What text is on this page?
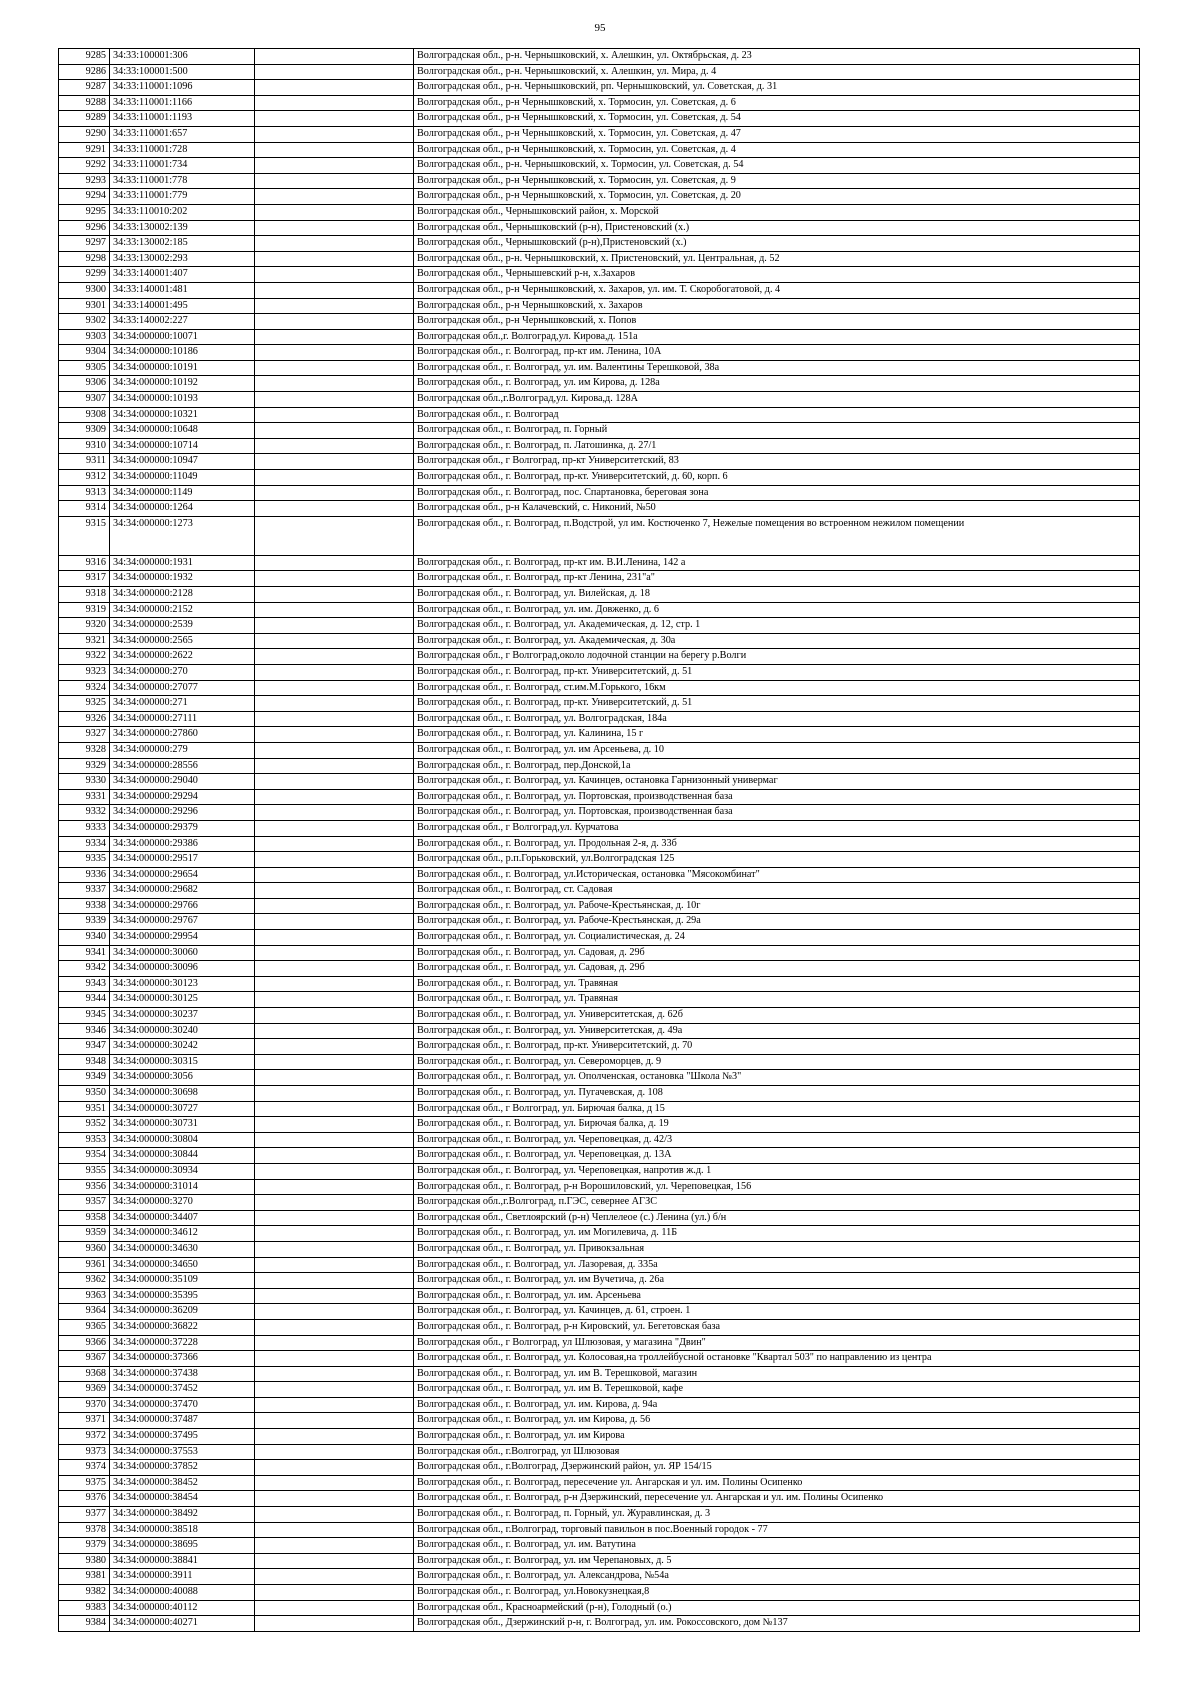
95
9285	34:33:100001:306		Волгоградская обл., р-н. Чернышковский, х. Алешкин, ул. Октябрьская, д. 23
9286	34:33:100001:500		Волгоградская обл., р-н. Чернышковский, х. Алешкин, ул. Мира, д. 4
9287	34:33:110001:1096		Волгоградская обл., р-н. Чернышковский, рп. Чернышковский, ул. Советская, д. 31
9288	34:33:110001:1166		Волгоградская обл., р-н Чернышковский, х. Тормосин, ул. Советская, д. 6
9289	34:33:110001:1193		Волгоградская обл., р-н Чернышковский, х. Тормосин, ул. Советская, д. 54
9290	34:33:110001:657		Волгоградская обл., р-н Чернышковский, х. Тормосин, ул. Советская, д. 47
9291	34:33:110001:728		Волгоградская обл., р-н Чернышковский, х. Тормосин, ул. Советская, д. 4
9292	34:33:110001:734		Волгоградская обл., р-н. Чернышковский, х. Тормосин, ул. Советская, д. 54
9293	34:33:110001:778		Волгоградская обл., р-н Чернышковский, х. Тормосин, ул. Советская, д. 9
9294	34:33:110001:779		Волгоградская обл., р-н Чернышковский, х. Тормосин, ул. Советская, д. 20
9295	34:33:110010:202		Волгоградская обл., Чернышковский район, х. Морской
9296	34:33:130002:139		Волгоградская обл., Чернышковский (р-н), Пристеновский (х.)
9297	34:33:130002:185		Волгоградская обл., Чернышковский (р-н),Пристеновский (х.)
9298	34:33:130002:293		Волгоградская обл., р-н. Чернышковский, х. Пристеновский, ул. Центральная, д. 52
9299	34:33:140001:407		Волгоградская обл., Чернышевский р-н, х.Захаров
9300	34:33:140001:481		Волгоградская обл., р-н Чернышковский, х. Захаров, ул. им. Т. Скоробогатовой, д. 4
9301	34:33:140001:495		Волгоградская обл., р-н Чернышковский, х. Захаров
9302	34:33:140002:227		Волгоградская обл., р-н Чернышковский, х. Попов
9303	34:34:000000:10071		Волгоградская обл.,г. Волгоград,ул. Кирова,д. 151а
9304	34:34:000000:10186		Волгоградская обл., г. Волгоград, пр-кт им. Ленина, 10А
9305	34:34:000000:10191		Волгоградская обл., г. Волгоград, ул. им. Валентины Терешковой, 38а
9306	34:34:000000:10192		Волгоградская обл., г. Волгоград, ул. им Кирова, д. 128а
9307	34:34:000000:10193		Волгоградская обл.,г.Волгоград,ул. Кирова,д. 128А
9308	34:34:000000:10321		Волгоградская обл., г. Волгоград
9309	34:34:000000:10648		Волгоградская обл., г. Волгоград, п. Горный
9310	34:34:000000:10714		Волгоградская обл., г. Волгоград, п. Латошинка, д. 27/1
9311	34:34:000000:10947		Волгоградская обл., г Волгоград, пр-кт Университетский, 83
9312	34:34:000000:11049		Волгоградская обл., г. Волгоград, пр-кт. Университетский, д. 60, корп. 6
9313	34:34:000000:1149		Волгоградская обл., г. Волгоград, пос. Спартановка, береговая зона
9314	34:34:000000:1264		Волгоградская обл., р-н Калачевский, с. Никоний, №50
9315	34:34:000000:1273		Волгоградская обл., г. Волгоград, п.Водстрой, ул им. Костюченко 7, Нежелые помещения во встроенном нежилом помещении
9316	34:34:000000:1931		Волгоградская обл., г. Волгоград, пр-кт им. В.И.Ленина, 142 а
9317	34:34:000000:1932		Волгоградская обл., г. Волгоград, пр-кт Ленина, 231"а"
9318	34:34:000000:2128		Волгоградская обл., г. Волгоград, ул. Вилейская, д. 18
9319	34:34:000000:2152		Волгоградская обл., г. Волгоград, ул. им. Довженко, д. 6
9320	34:34:000000:2539		Волгоградская обл., г. Волгоград, ул. Академическая, д. 12, стр. 1
9321	34:34:000000:2565		Волгоградская обл., г. Волгоград, ул. Академическая, д. 30а
9322	34:34:000000:2622		Волгоградская обл., г Волгоград,около лодочной станции на берегу р.Волги
9323	34:34:000000:270		Волгоградская обл., г. Волгоград, пр-кт. Университетский, д. 51
9324	34:34:000000:27077		Волгоградская обл., г. Волгоград, ст.им.М.Горького, 16км
9325	34:34:000000:271		Волгоградская обл., г. Волгоград, пр-кт. Университетский, д. 51
9326	34:34:000000:27111		Волгоградская обл., г. Волгоград, ул. Волгоградская, 184а
9327	34:34:000000:27860		Волгоградская обл., г. Волгоград, ул. Калинина, 15 г
9328	34:34:000000:279		Волгоградская обл., г. Волгоград, ул. им Арсеньева, д. 10
9329	34:34:000000:28556		Волгоградская обл., г. Волгоград, пер.Донской,1а
9330	34:34:000000:29040		Волгоградская обл., г. Волгоград, ул. Качинцев, остановка Гарнизонный универмаг
9331	34:34:000000:29294		Волгоградская обл., г. Волгоград, ул. Портовская, производственная база
9332	34:34:000000:29296		Волгоградская обл., г. Волгоград, ул. Портовская, производственная база
9333	34:34:000000:29379		Волгоградская обл., г Волгоград,ул. Курчатова
9334	34:34:000000:29386		Волгоградская обл., г. Волгоград, ул. Продольная 2-я, д. 33б
9335	34:34:000000:29517		Волгоградская обл., р.п.Горьковский, ул.Волгоградская 125
9336	34:34:000000:29654		Волгоградская обл., г. Волгоград, ул.Историческая, остановка "Мясокомбинат"
9337	34:34:000000:29682		Волгоградская обл., г. Волгоград, ст. Садовая
9338	34:34:000000:29766		Волгоградская обл., г. Волгоград, ул. Рабоче-Крестьянская, д. 10г
9339	34:34:000000:29767		Волгоградская обл., г. Волгоград, ул. Рабоче-Крестьянская, д. 29а
9340	34:34:000000:29954		Волгоградская обл., г. Волгоград, ул. Социалистическая, д. 24
9341	34:34:000000:30060		Волгоградская обл., г. Волгоград, ул. Садовая, д. 29б
9342	34:34:000000:30096		Волгоградская обл., г. Волгоград, ул. Садовая, д. 29б
9343	34:34:000000:30123		Волгоградская обл., г. Волгоград, ул. Травяная
9344	34:34:000000:30125		Волгоградская обл., г. Волгоград, ул. Травяная
9345	34:34:000000:30237		Волгоградская обл., г. Волгоград, ул. Университетская, д. 62б
9346	34:34:000000:30240		Волгоградская обл., г. Волгоград, ул. Университетская, д. 49а
9347	34:34:000000:30242		Волгоградская обл., г. Волгоград, пр-кт. Университетский, д. 70
9348	34:34:000000:30315		Волгоградская обл., г. Волгоград, ул. Североморцев, д. 9
9349	34:34:000000:3056		Волгоградская обл., г. Волгоград, ул. Ополченская, остановка "Школа №3"
9350	34:34:000000:30698		Волгоградская обл., г. Волгоград, ул. Пугачевская, д. 108
9351	34:34:000000:30727		Волгоградская обл., г Волгоград, ул. Бирючая балка, д 15
9352	34:34:000000:30731		Волгоградская обл., г. Волгоград, ул. Бирючая балка, д. 19
9353	34:34:000000:30804		Волгоградская обл., г. Волгоград, ул. Череповецкая, д. 42/3
9354	34:34:000000:30844		Волгоградская обл., г. Волгоград, ул. Череповецкая, д. 13А
9355	34:34:000000:30934		Волгоградская обл., г. Волгоград, ул. Череповецкая, напротив ж.д. 1
9356	34:34:000000:31014		Волгоградская обл., г. Волгоград, р-н Ворошиловский, ул. Череповецкая, 156
9357	34:34:000000:3270		Волгоградская обл.,г.Волгоград, п.ГЭС, севернее АГЗС
9358	34:34:000000:34407		Волгоградская обл., Светлоярский (р-н) Чеплелеое (с.) Ленина (ул.) б/н
9359	34:34:000000:34612		Волгоградская обл., г. Волгоград, ул. им Могилевича, д. 11Б
9360	34:34:000000:34630		Волгоградская обл., г. Волгоград, ул. Привокзальная
9361	34:34:000000:34650		Волгоградская обл., г. Волгоград, ул. Лазоревая, д. 335а
9362	34:34:000000:35109		Волгоградская обл., г. Волгоград, ул. им Вучетича, д. 26а
9363	34:34:000000:35395		Волгоградская обл., г. Волгоград, ул. им. Арсеньева
9364	34:34:000000:36209		Волгоградская обл., г. Волгоград, ул. Качинцев, д. 61, строен. 1
9365	34:34:000000:36822		Волгоградская обл., г. Волгоград, р-н Кировский, ул. Бегетовская база
9366	34:34:000000:37228		Волгоградская обл., г Волгоград, ул Шлюзовая, у магазина "Двин"
9367	34:34:000000:37366		Волгоградская обл., г. Волгоград, ул. Колосовая,на троллейбусной остановке "Квартал 503" по направлению из центра
9368	34:34:000000:37438		Волгоградская обл., г. Волгоград, ул. им В. Терешковой, магазин
9369	34:34:000000:37452		Волгоградская обл., г. Волгоград, ул. им В. Терешковой, кафе
9370	34:34:000000:37470		Волгоградская обл., г. Волгоград, ул. им. Кирова, д. 94а
9371	34:34:000000:37487		Волгоградская обл., г. Волгоград, ул. им Кирова, д. 56
9372	34:34:000000:37495		Волгоградская обл., г. Волгоград, ул. им Кирова
9373	34:34:000000:37553		Волгоградская обл., г.Волгоград, ул Шлюзовая
9374	34:34:000000:37852		Волгоградская обл., г.Волгоград, Дзержинский район, ул. ЯР 154/15
9375	34:34:000000:38452		Волгоградская обл., г. Волгоград, пересечение ул. Ангарская и ул. им. Полины Осипенко
9376	34:34:000000:38454		Волгоградская обл., г. Волгоград, р-н Дзержинский, пересечение ул. Ангарская и ул. им. Полины Осипенко
9377	34:34:000000:38492		Волгоградская обл., г. Волгоград, п. Горный, ул. Журавлинская, д. 3
9378	34:34:000000:38518		Волгоградская обл., г.Волгоград, торговый павильон в пос.Военный городок - 77
9379	34:34:000000:38695		Волгоградская обл., г. Волгоград, ул. им. Ватутина
9380	34:34:000000:38841		Волгоградская обл., г. Волгоград, ул. им Черепановых, д. 5
9381	34:34:000000:3911		Волгоградская обл., г. Волгоград, ул. Александрова, №54а
9382	34:34:000000:40088		Волгоградская обл., г. Волгоград, ул.Новокузнецкая,8
9383	34:34:000000:40112		Волгоградская обл., Красноармейский (р-н), Голодный (о.)
9384	34:34:000000:40271		Волгоградская обл., Дзержинский р-н, г. Волгоград, ул. им. Рокоссовского, дом №137
